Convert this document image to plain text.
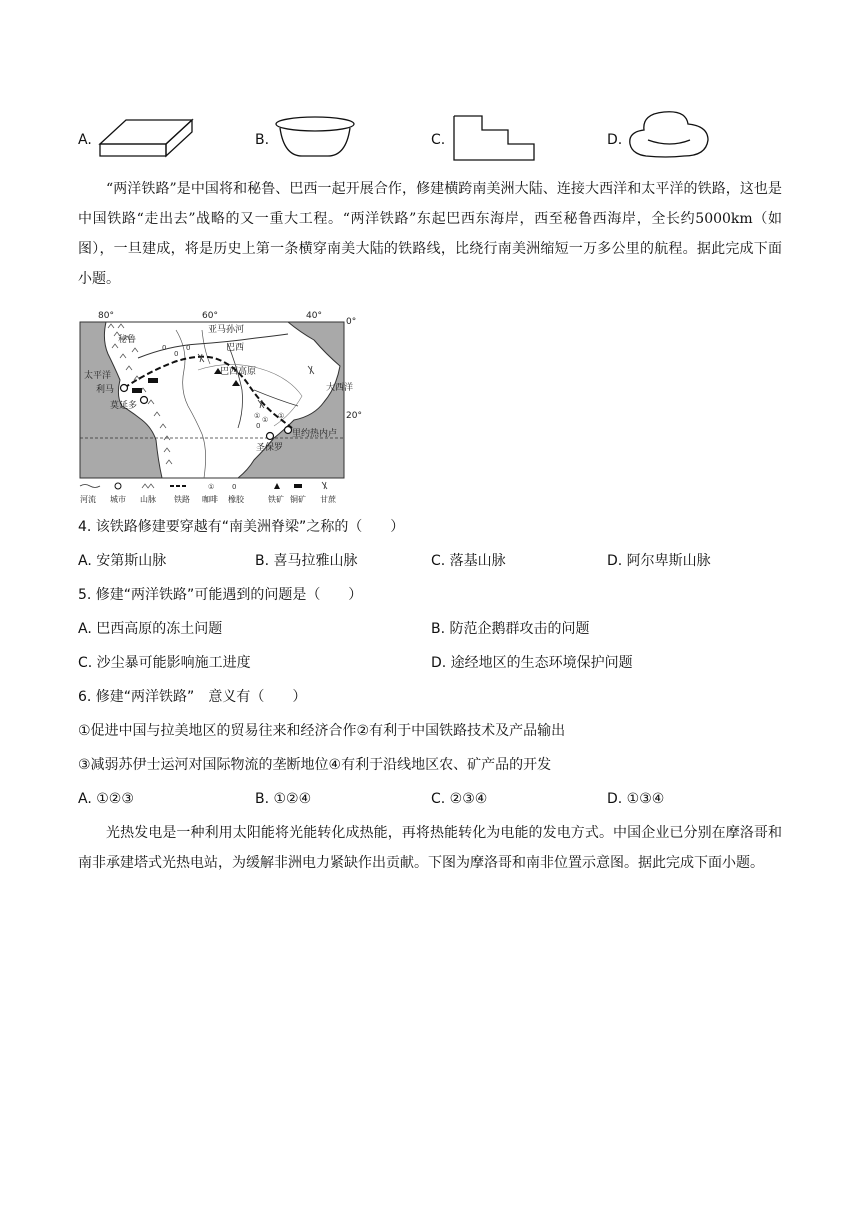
A.	B.	C.	D.

“两洋铁路”是中国将和秘鲁、巴西一起开展合作，修建横跨南美洲大陆、连接大西洋和太平洋的铁路，这也是中国铁路“走出去”战略的又一重大工程。“两洋铁路”东起巴西东海岸，西至秘鲁西海岸，全长约5000km（如图），一旦建成，将是历史上第一条横穿南美大陆的铁路线，比绕行南美洲缩短一万多公里的航程。据此完成下面小题。

① ①
0
①
0
0
0
80°	60°	40°
0°
20°
亚马孙河
巴西
巴西高原
秘鲁
太平洋
大西洋
利马
莫延多
里约热内卢
圣保罗
①	0
河流 城市 山脉 铁路 咖啡 橡胶	铁矿 铜矿 甘蔗
4. 该铁路修建要穿越有“南美洲脊梁”之称的（　　）
A. 安第斯山脉	B. 喜马拉雅山脉	C. 落基山脉	D. 阿尔卑斯山脉
5. 修建“两洋铁路”可能遇到的问题是（　　）
A. 巴西高原的冻土问题	B. 防范企鹅群攻击的问题
C. 沙尘暴可能影响施工进度	D. 途经地区的生态环境保护问题
6. 修建“两洋铁路”　意义有（　　）
①促进中国与拉美地区的贸易往来和经济合作②有利于中国铁路技术及产品输出
③减弱苏伊士运河对国际物流的垄断地位④有利于沿线地区农、矿产品的开发
A. ①②③	B. ①②④	C. ②③④	D. ①③④

光热发电是一种利用太阳能将光能转化成热能，再将热能转化为电能的发电方式。中国企业已分别在摩洛哥和南非承建塔式光热电站，为缓解非洲电力紧缺作出贡献。下图为摩洛哥和南非位置示意图。据此完成下面小题。
